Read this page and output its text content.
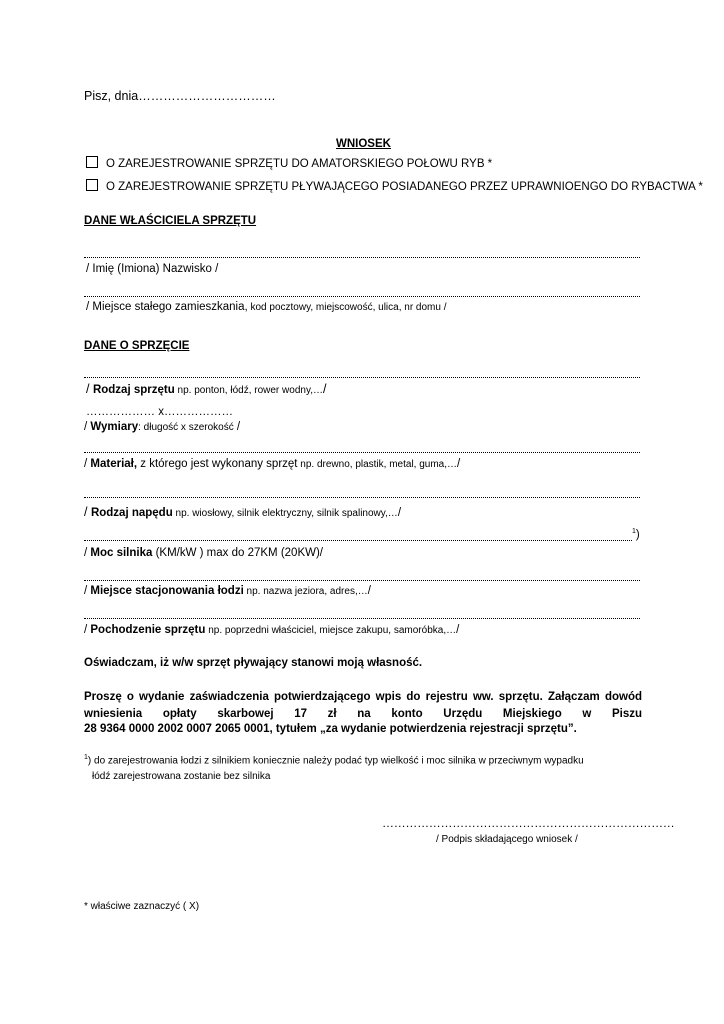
Pisz, dnia……………………………
WNIOSEK
O ZAREJESTROWANIE SPRZĘTU DO AMATORSKIEGO POŁOWU RYB *
O ZAREJESTROWANIE SPRZĘTU PŁYWAJĄCEGO POSIADANEGO PRZEZ UPRAWNIOENGO DO RYBACTWA *
DANE WŁAŚCICIELA SPRZĘTU
/ Imię (Imiona) Nazwisko /
/ Miejsce stałego zamieszkania, kod pocztowy, miejscowość, ulica, nr domu /
DANE O SPRZĘCIE
/ Rodzaj sprzętu np. ponton, łódź, rower wodny,…/
……………… x………………
/ Wymiary: długość x szerokość /
/ Materiał, z którego jest wykonany sprzęt np. drewno, plastik, metal, guma,…/
/ Rodzaj napędu np. wiosłowy, silnik elektryczny, silnik spalinowy,…/
$^1$)
/ Moc silnika (KM/kW ) max do 27KM (20KW)/
/ Miejsce stacjonowania łodzi np. nazwa jeziora, adres,…/
/ Pochodzenie sprzętu np. poprzedni właściciel, miejsce zakupu, samoróbka,…/
Oświadczam, iż w/w sprzęt pływający stanowi moją własność.
Proszę o wydanie zaświadczenia potwierdzającego wpis do rejestru ww. sprzętu. Załączam dowód
wniesienia opłaty skarbowej 17 zł na konto Urzędu Miejskiego w Piszu
28 9364 0000 2002 0007 2065 0001, tytułem „za wydanie potwierdzenia rejestracji sprzętu”.
$^1$) do zarejestrowania łodzi z silnikiem koniecznie należy podać typ wielkość i moc silnika w przeciwnym wypadku
łódź zarejestrowana zostanie bez silnika
…………………………………………………………………
/ Podpis składającego wniosek /
* właściwe zaznaczyć ( X)
